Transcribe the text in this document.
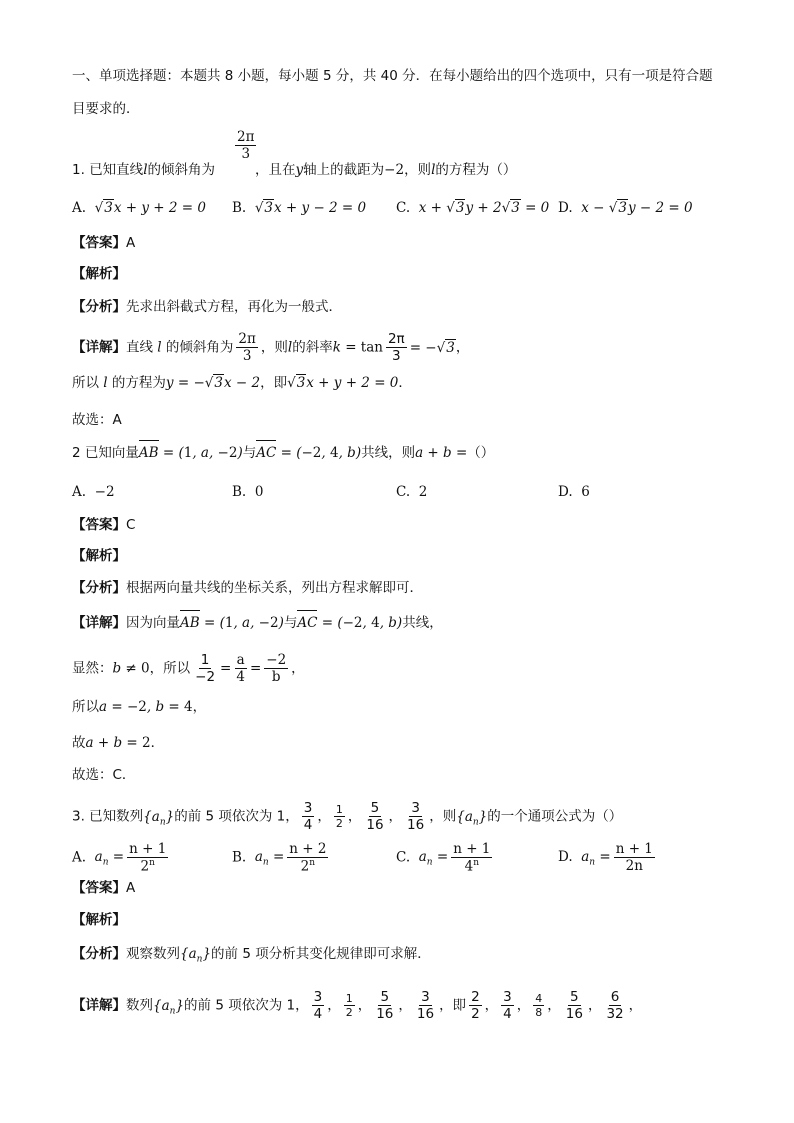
一、单项选择题：本题共 8 小题，每小题 5 分，共 40 分．在每小题给出的四个选项中，只有一项是符合题
目要求的．
$\frac{2\pi}{3}$
1. 已知直线l的倾斜角为	，且在y轴上的截距为−2，则l的方程为（）
A. √3x + y + 2 = 0 B. √3x + y − 2 = 0 C. x + √3y + 2√3 = 0 D. x − √3y − 2 = 0
【答案】A
【解析】
【分析】先求出斜截式方程，再化为一般式．
【详解】直线 l 的倾斜角为 $\frac{2\pi}{3}$ ，则l的斜率$k = \tan \frac{2\pi}{3} = -√3$，
所以 l 的方程为y = −√3x − 2，即√3x + y + 2 = 0．
故选：A
2 已知向量AB = (1, a, −2)与AC = (−2, 4, b)共线，则a + b =（）
A. −2	B. 0	C. 2	D. 6
【答案】C
【解析】
【分析】根据两向量共线的坐标关系，列出方程求解即可．
【详解】因为向量AB = (1, a, −2)与AC = (−2, 4, b)共线，
显然：b ≠ 0，所以 $\frac{1}{-2} = \frac{a}{4} = \frac{-2}{b}$ ，
所以a = −2, b = 4，
故a + b = 2．
故选：C．
3. 已知数列$\{a_n\}$的前 5 项依次为 1， $\frac{3}{4}$ ， $\frac{1}{2}$ ， $\frac{5}{16}$ ， $\frac{3}{16}$ ，则$\{a_n\}$的一个通项公式为（）
A. $a_n = \frac{n + 1}{2^n}$	B. $a_n = \frac{n + 2}{2^n}$	C. $a_n = \frac{n + 1}{4^n}$	D. $a_n = \frac{n + 1}{2n}$
【答案】A
【解析】
【分析】观察数列$\{a_n\}$的前 5 项分析其变化规律即可求解．
【详解】数列$\{a_n\}$的前 5 项依次为 1， $\frac{3}{4}$ ， $\frac{1}{2}$ ， $\frac{5}{16}$ ， $\frac{3}{16}$ ，即 $\frac{2}{2}$ ， $\frac{3}{4}$ ， $\frac{4}{8}$ ， $\frac{5}{16}$ ， $\frac{6}{32}$ ，
